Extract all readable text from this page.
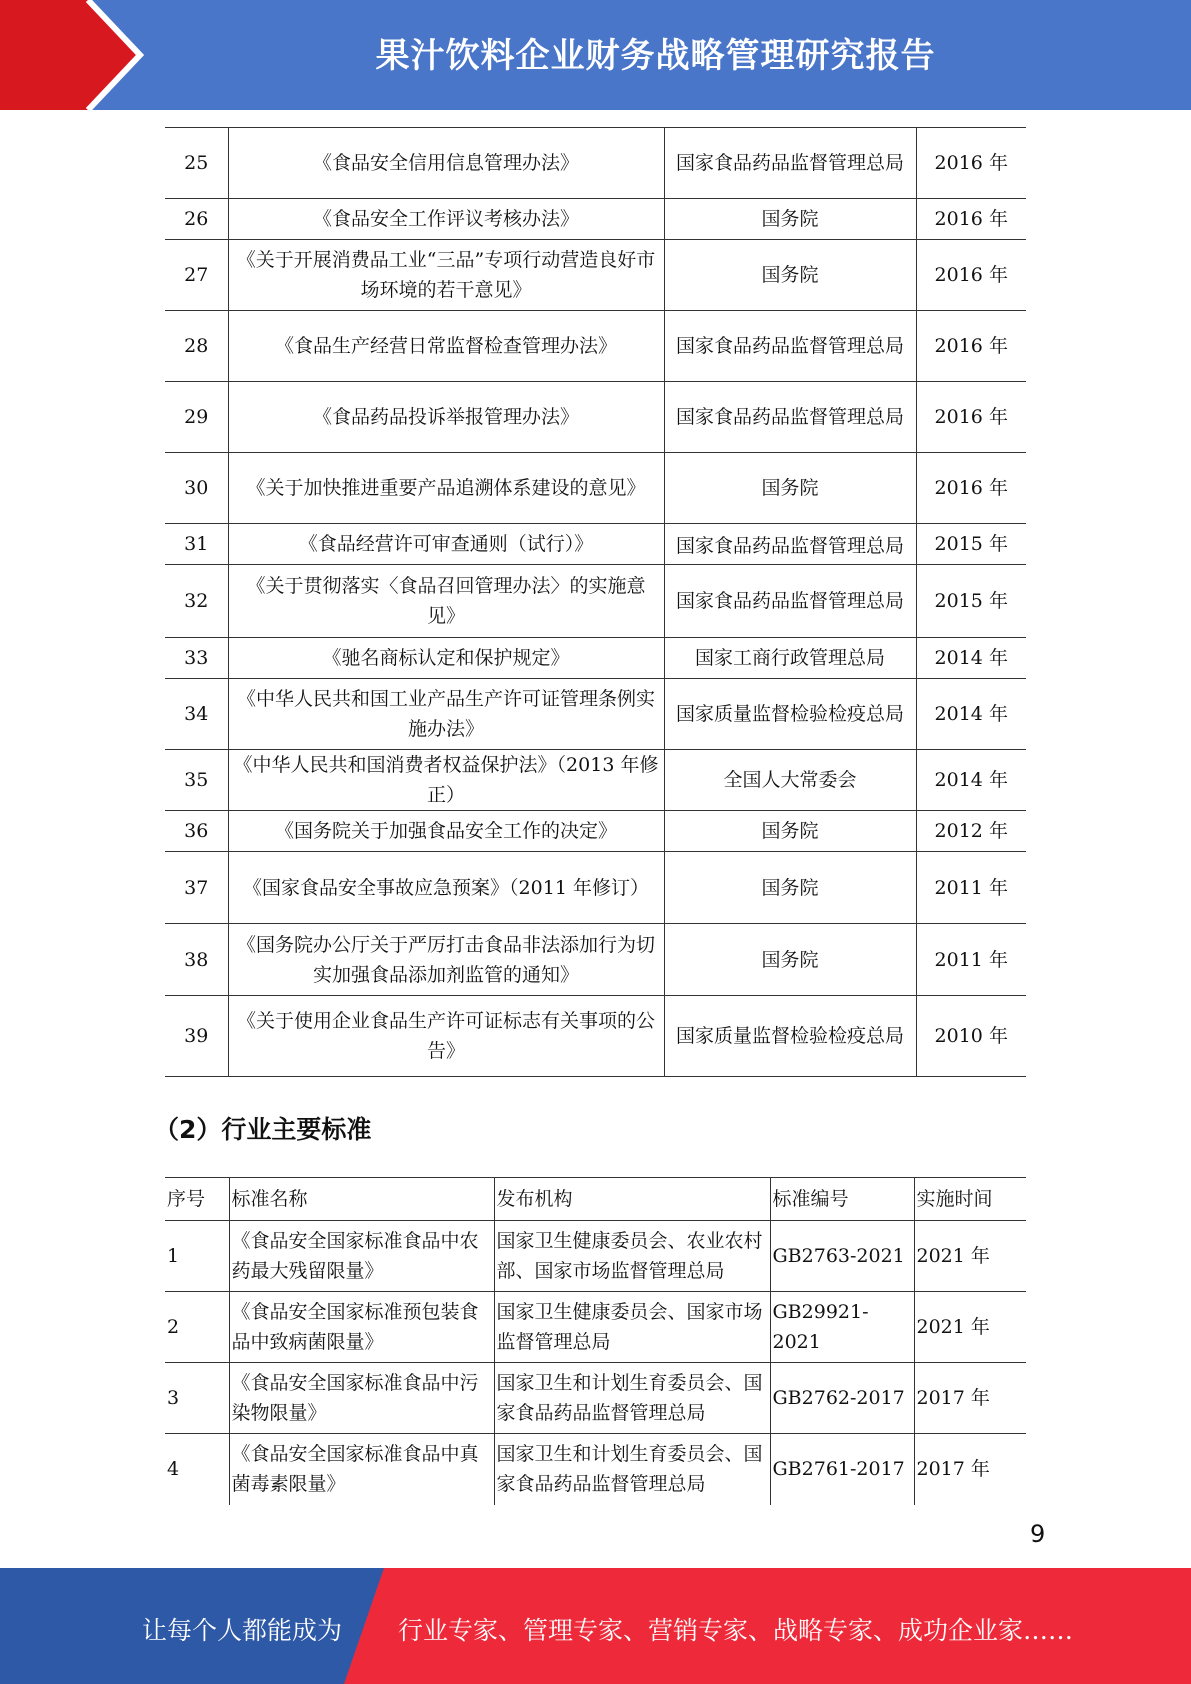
果汁饮料企业财务战略管理研究报告
25	《食品安全信用信息管理办法》	国家食品药品监督管理总局	2016 年
26	《食品安全工作评议考核办法》	国务院	2016 年
27	《关于开展消费品工业“三品”专项行动营造良好市场环境的若干意见》	国务院	2016 年
28	《食品生产经营日常监督检查管理办法》	国家食品药品监督管理总局	2016 年
29	《食品药品投诉举报管理办法》	国家食品药品监督管理总局	2016 年
30	《关于加快推进重要产品追溯体系建设的意见》	国务院	2016 年
31	《食品经营许可审查通则（试行）》	国家食品药品监督管理总局	2015 年
32	《关于贯彻落实〈食品召回管理办法〉的实施意见》	国家食品药品监督管理总局	2015 年
33	《驰名商标认定和保护规定》	国家工商行政管理总局	2014 年
34	《中华人民共和国工业产品生产许可证管理条例实施办法》	国家质量监督检验检疫总局	2014 年
35	《中华人民共和国消费者权益保护法》（2013 年修正）	全国人大常委会	2014 年
36	《国务院关于加强食品安全工作的决定》	国务院	2012 年
37	《国家食品安全事故应急预案》（2011 年修订）	国务院	2011 年
38	《国务院办公厅关于严厉打击食品非法添加行为切实加强食品添加剂监管的通知》	国务院	2011 年
39	《关于使用企业食品生产许可证标志有关事项的公告》	国家质量监督检验检疫总局	2010 年
（2）行业主要标准
序号	标准名称	发布机构	标准编号	实施时间
1	《食品安全国家标准食品中农药最大残留限量》	国家卫生健康委员会、农业农村部、国家市场监督管理总局	GB2763-2021	2021 年
2	《食品安全国家标准预包装食品中致病菌限量》	国家卫生健康委员会、国家市场监督管理总局	GB29921-2021	2021 年
3	《食品安全国家标准食品中污染物限量》	国家卫生和计划生育委员会、国家食品药品监督管理总局	GB2762-2017	2017 年
4	《食品安全国家标准食品中真菌毒素限量》	国家卫生和计划生育委员会、国家食品药品监督管理总局	GB2761-2017	2017 年
9
让每个人都能成为 行业专家、管理专家、营销专家、战略专家、成功企业家……
